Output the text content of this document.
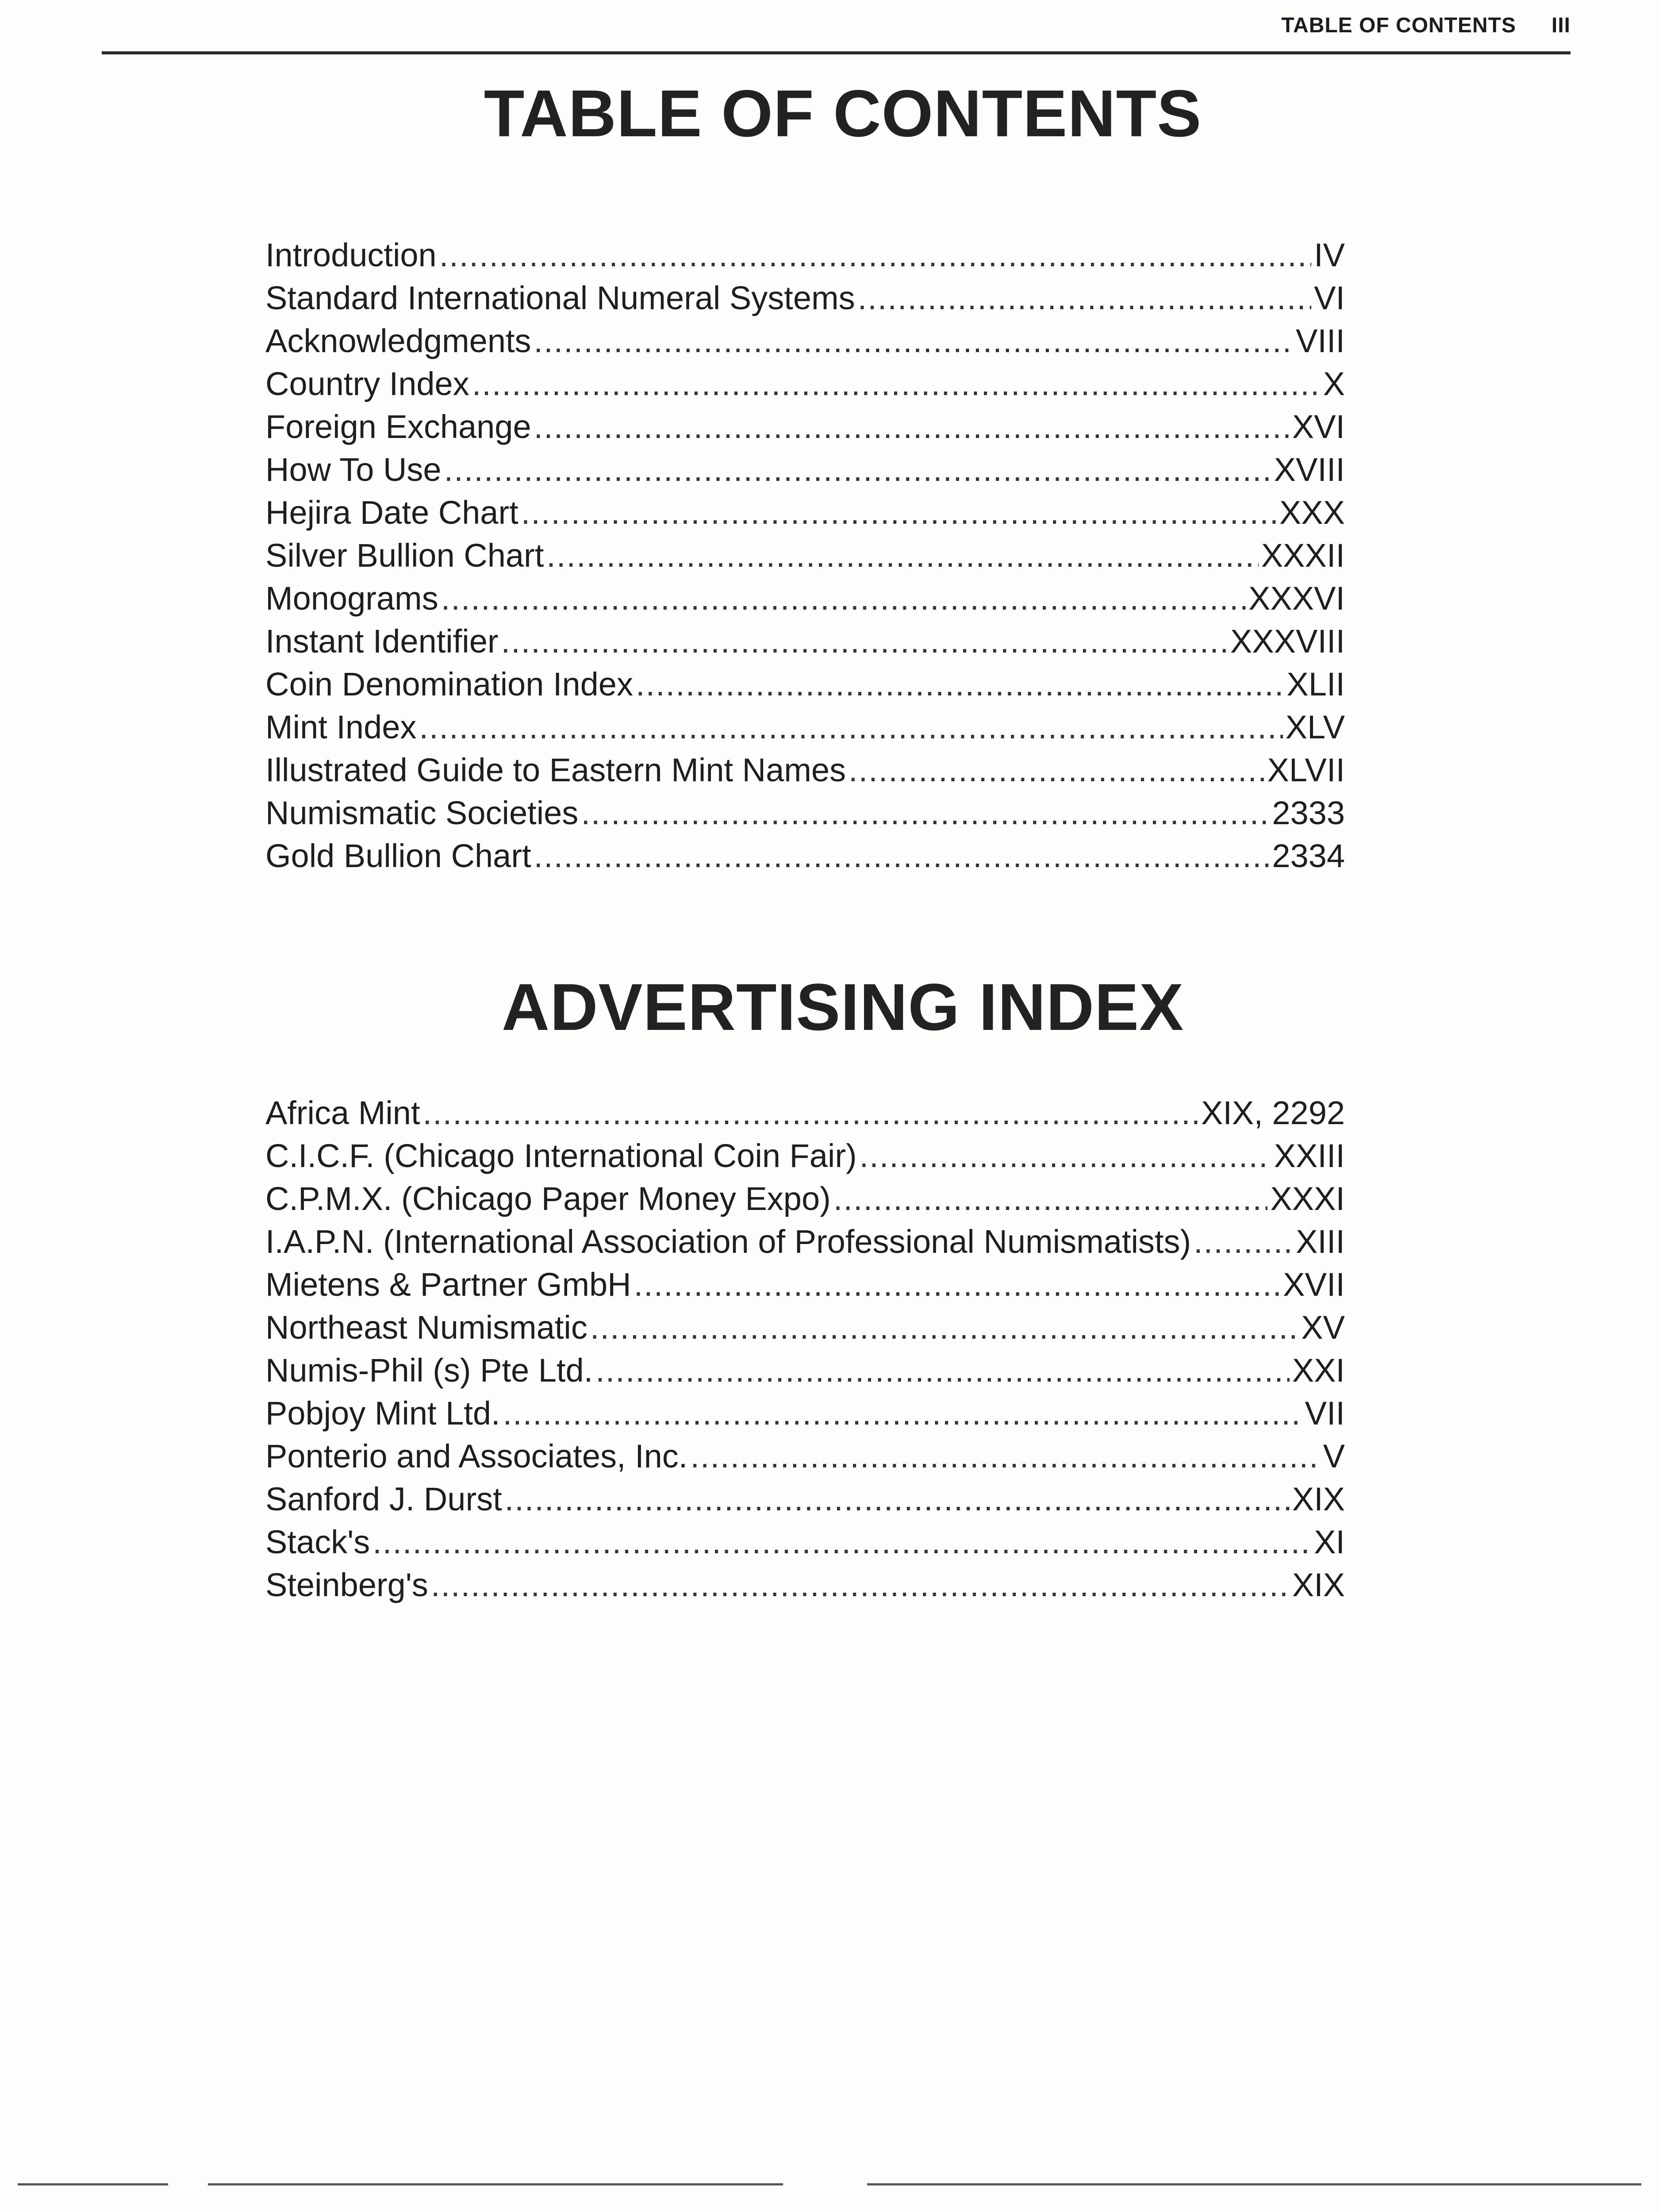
TABLE OF CONTENTS III
TABLE OF CONTENTS
Introduction .....	IV
Standard International Numeral Systems .....	VI
Acknowledgments .....	VIII
Country Index .....	X
Foreign Exchange .....	XVI
How To Use .....	XVIII
Hejira Date Chart .....	XXX
Silver Bullion Chart .....	XXXII
Monograms .....	XXXVI
Instant Identifier .....	XXXVIII
Coin Denomination Index .....	XLII
Mint Index .....	XLV
Illustrated Guide to Eastern Mint Names .....	XLVII
Numismatic Societies .....	2333
Gold Bullion Chart .....	2334
ADVERTISING INDEX
Africa Mint .....	XIX, 2292
C.I.C.F. (Chicago International Coin Fair) .....	XXIII
C.P.M.X. (Chicago Paper Money Expo) .....	XXXI
I.A.P.N. (International Association of Professional Numismatists) .....	XIII
Mietens & Partner GmbH .....	XVII
Northeast Numismatic .....	XV
Numis-Phil (s) Pte Ltd. .....	XXI
Pobjoy Mint Ltd. .....	VII
Ponterio and Associates, Inc. .....	V
Sanford J. Durst .....	XIX
Stack's .....	XI
Steinberg's .....	XIX
